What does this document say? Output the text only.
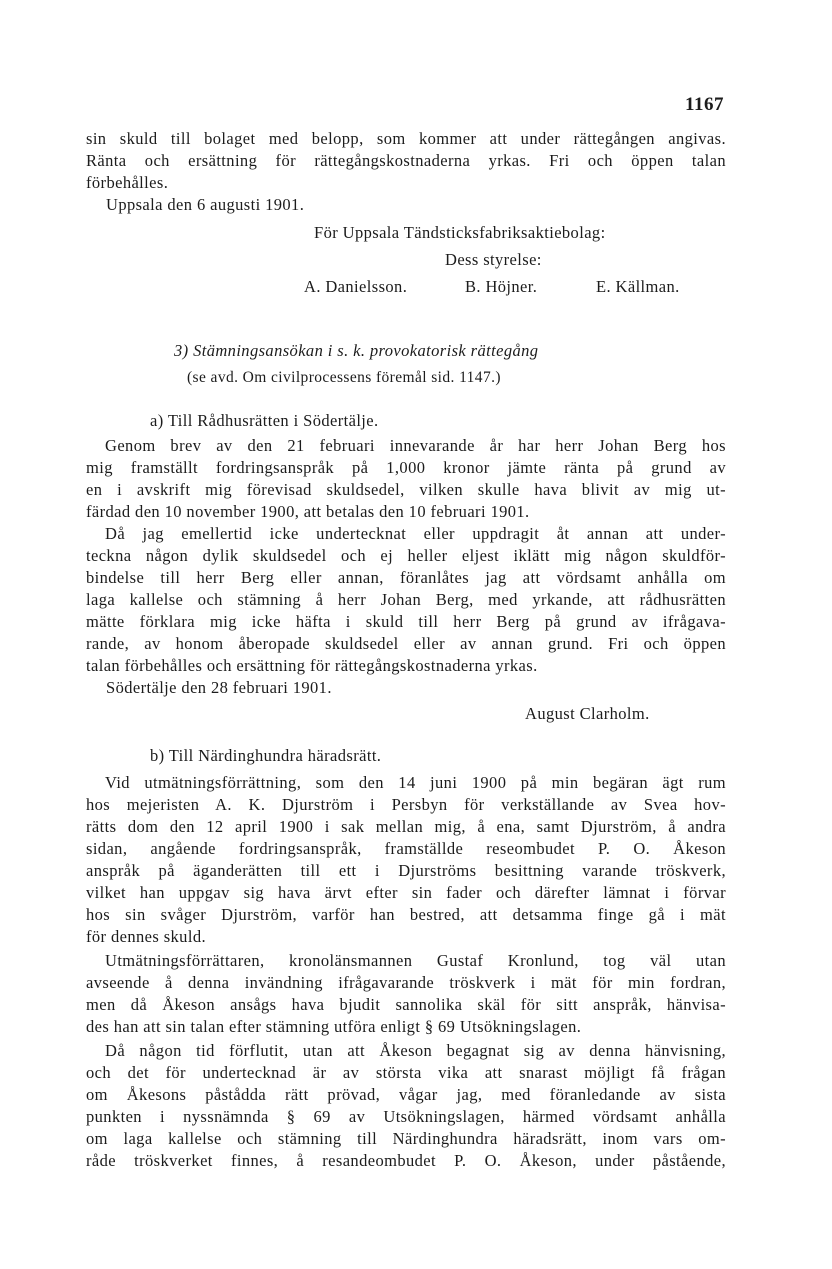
1167
sin skuld till bolaget med belopp, som kommer att under rättegången angivas.
Ränta och ersättning för rättegångskostnaderna yrkas. Fri och öppen talan
förbehålles.
Uppsala den 6 augusti 1901.
För Uppsala Tändsticksfabriksaktiebolag:
Dess styrelse:
A. Danielsson.	B. Höjner.	E. Källman.
3) Stämningsansökan i s. k. provokatorisk rättegång
(se avd. Om civilprocessens föremål sid. 1147.)
a) Till Rådhusrätten i Södertälje.
Genom brev av den 21 februari innevarande år har herr Johan Berg hos
mig framställt fordringsanspråk på 1,000 kronor jämte ränta på grund av
en i avskrift mig förevisad skuldsedel, vilken skulle hava blivit av mig ut-
färdad den 10 november 1900, att betalas den 10 februari 1901.
Då jag emellertid icke undertecknat eller uppdragit åt annan att under-
teckna någon dylik skuldsedel och ej heller eljest iklätt mig någon skuldför-
bindelse till herr Berg eller annan, föranlåtes jag att vördsamt anhålla om
laga kallelse och stämning å herr Johan Berg, med yrkande, att rådhusrätten
mätte förklara mig icke häfta i skuld till herr Berg på grund av ifrågava-
rande, av honom åberopade skuldsedel eller av annan grund. Fri och öppen
talan förbehålles och ersättning för rättegångskostnaderna yrkas.
Södertälje den 28 februari 1901.
August Clarholm.
b) Till Närdinghundra häradsrätt.
Vid utmätningsförrättning, som den 14 juni 1900 på min begäran ägt rum
hos mejeristen A. K. Djurström i Persbyn för verkställande av Svea hov-
rätts dom den 12 april 1900 i sak mellan mig, å ena, samt Djurström, å andra
sidan, angående fordringsanspråk, framställde reseombudet P. O. Åkeson
anspråk på äganderätten till ett i Djurströms besittning varande tröskverk,
vilket han uppgav sig hava ärvt efter sin fader och därefter lämnat i förvar
hos sin svåger Djurström, varför han bestred, att detsamma finge gå i mät
för dennes skuld.
Utmätningsförrättaren, kronolänsmannen Gustaf Kronlund, tog väl utan
avseende å denna invändning ifrågavarande tröskverk i mät för min fordran,
men då Åkeson ansågs hava bjudit sannolika skäl för sitt anspråk, hänvisa-
des han att sin talan efter stämning utföra enligt § 69 Utsökningslagen.
Då någon tid förflutit, utan att Åkeson begagnat sig av denna hänvisning,
och det för undertecknad är av största vika att snarast möjligt få frågan
om Åkesons påstådda rätt prövad, vågar jag, med föranledande av sista
punkten i nyssnämnda § 69 av Utsökningslagen, härmed vördsamt anhålla
om laga kallelse och stämning till Närdinghundra häradsrätt, inom vars om-
råde tröskverket finnes, å resandeombudet P. O. Åkeson, under påstående,
